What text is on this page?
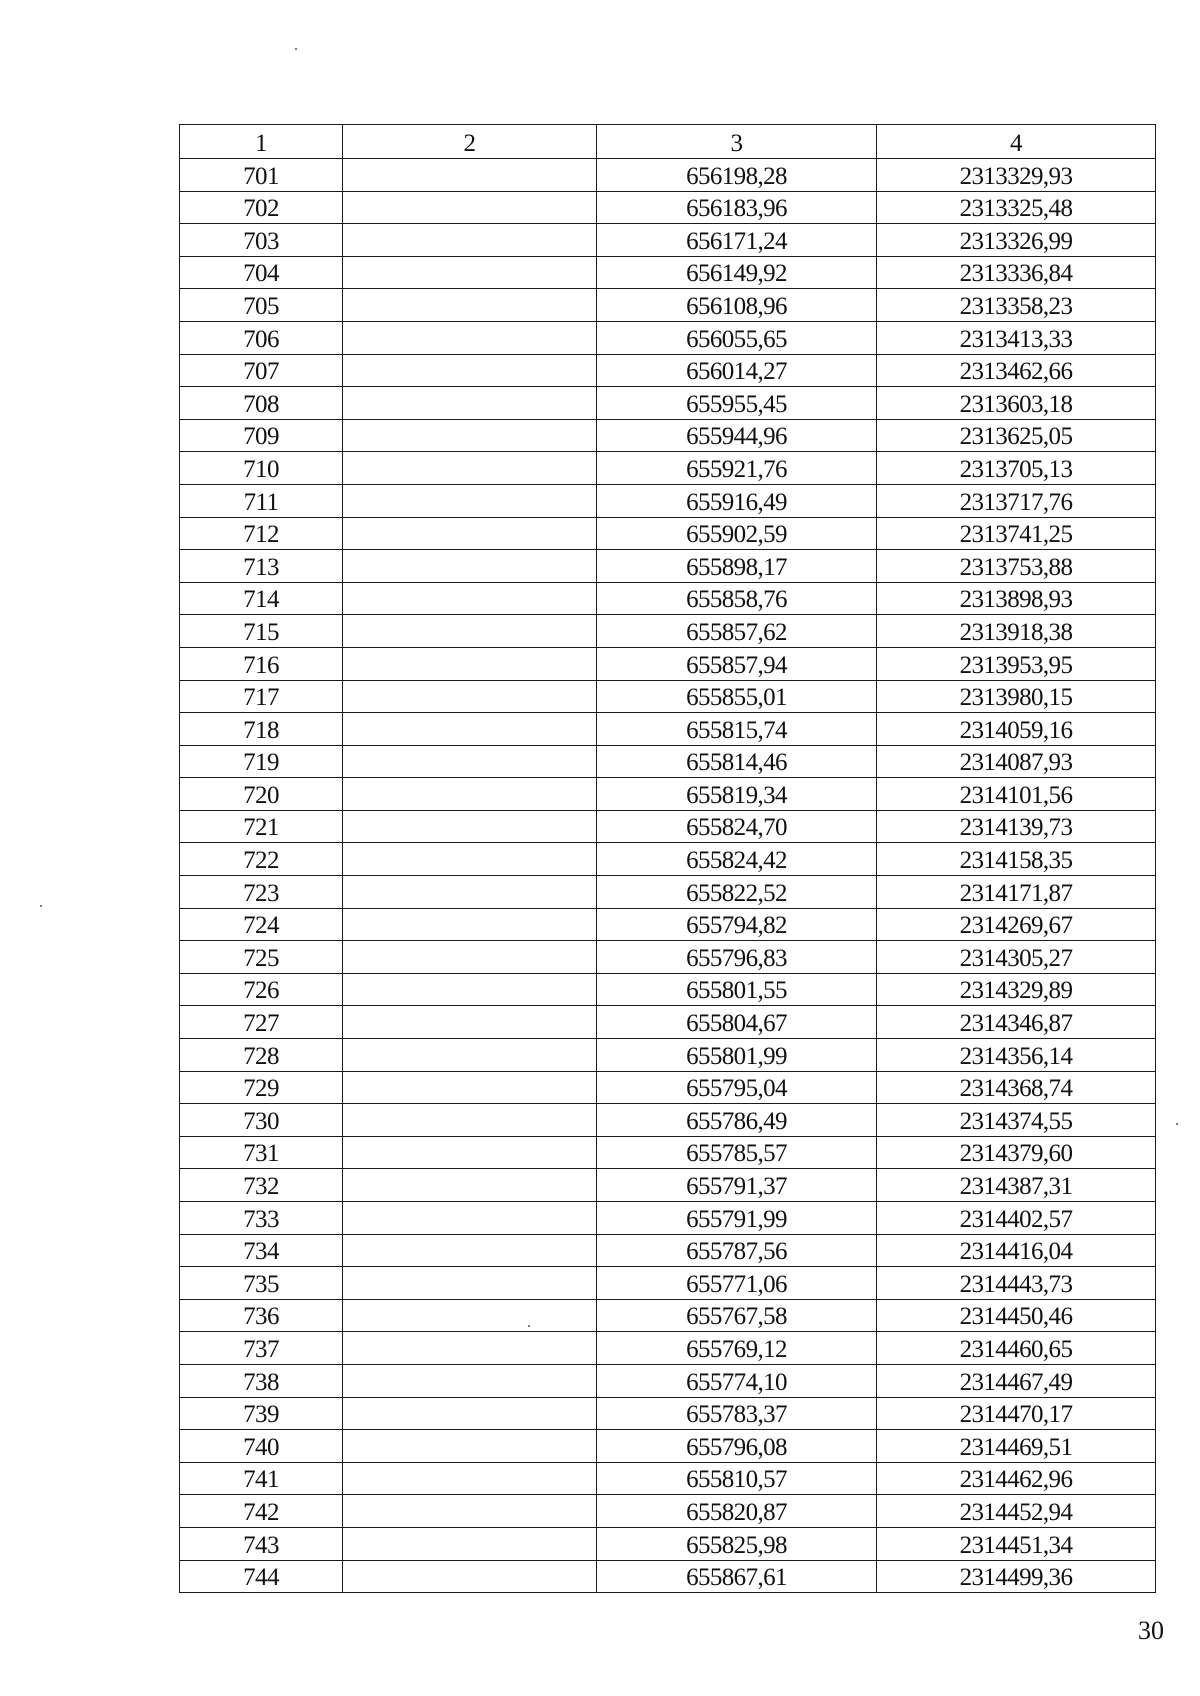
1	2	3	4
701		656198,28	2313329,93
702		656183,96	2313325,48
703		656171,24	2313326,99
704		656149,92	2313336,84
705		656108,96	2313358,23
706		656055,65	2313413,33
707		656014,27	2313462,66
708		655955,45	2313603,18
709		655944,96	2313625,05
710		655921,76	2313705,13
711		655916,49	2313717,76
712		655902,59	2313741,25
713		655898,17	2313753,88
714		655858,76	2313898,93
715		655857,62	2313918,38
716		655857,94	2313953,95
717		655855,01	2313980,15
718		655815,74	2314059,16
719		655814,46	2314087,93
720		655819,34	2314101,56
721		655824,70	2314139,73
722		655824,42	2314158,35
723		655822,52	2314171,87
724		655794,82	2314269,67
725		655796,83	2314305,27
726		655801,55	2314329,89
727		655804,67	2314346,87
728		655801,99	2314356,14
729		655795,04	2314368,74
730		655786,49	2314374,55
731		655785,57	2314379,60
732		655791,37	2314387,31
733		655791,99	2314402,57
734		655787,56	2314416,04
735		655771,06	2314443,73
736		655767,58	2314450,46
737		655769,12	2314460,65
738		655774,10	2314467,49
739		655783,37	2314470,17
740		655796,08	2314469,51
741		655810,57	2314462,96
742		655820,87	2314452,94
743		655825,98	2314451,34
744		655867,61	2314499,36
30
